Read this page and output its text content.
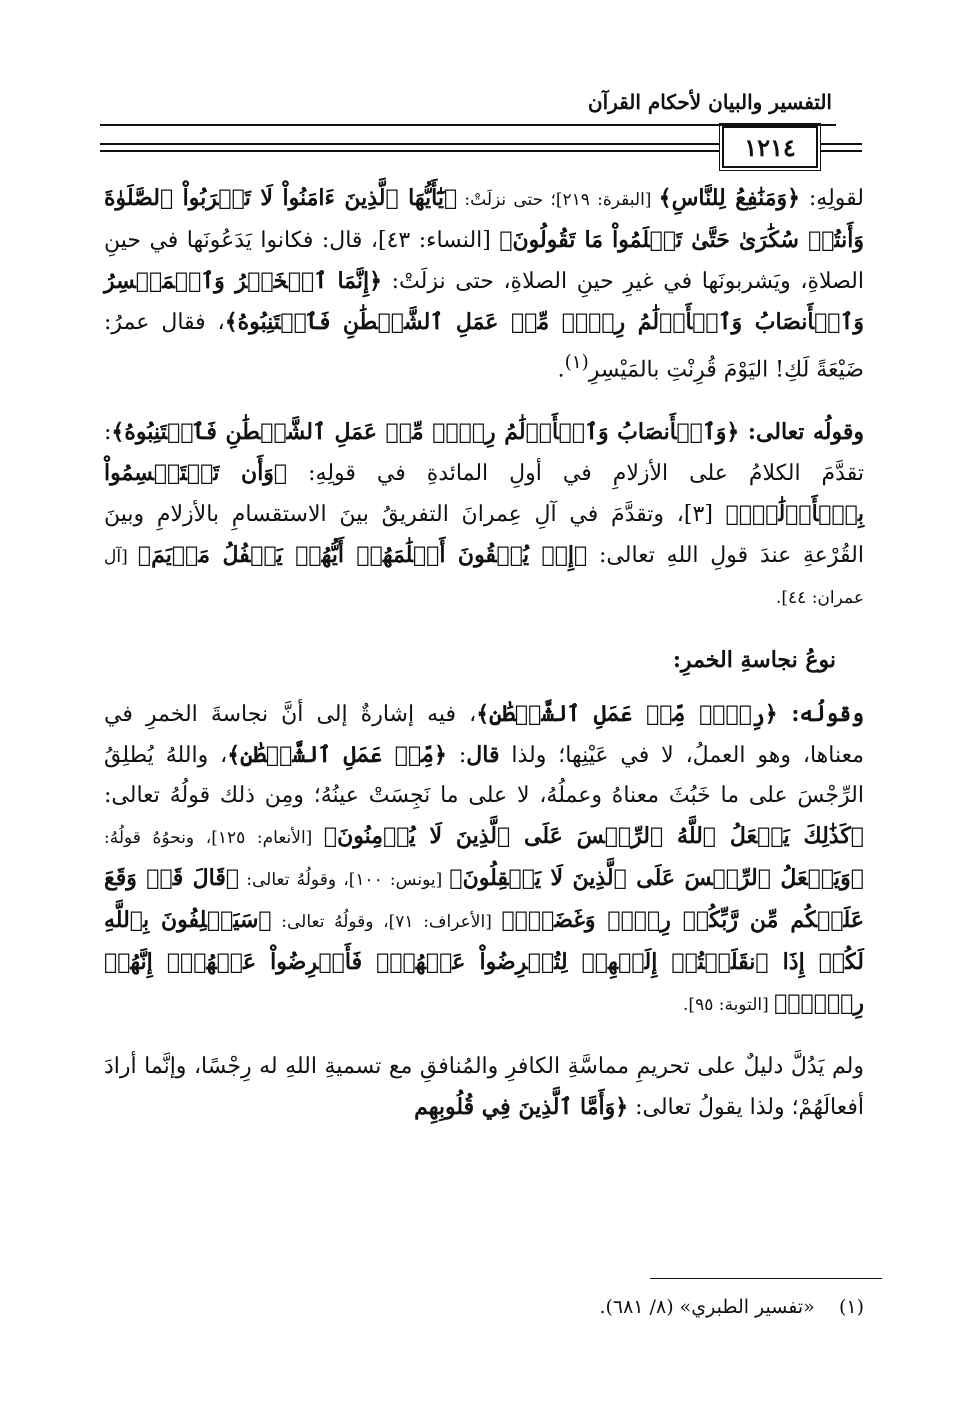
التفسير والبيان لأحكام القرآن
١٢١٤

لقولِهِ: ﴿وَمَنَٰفِعُ لِلنَّاسِ﴾ [البقرة: ٢١٩]؛ حتى نزلَتْ: ﴿يَٰٓأَيُّهَا ٱلَّذِينَ ءَامَنُواْ لَا تَقۡرَبُواْ ٱلصَّلَوٰةَ وَأَنتُمۡ سُكَٰرَىٰ حَتَّىٰ تَعۡلَمُواْ مَا تَقُولُونَ﴾ [النساء: ٤٣]، قال: فكانوا يَدَعُونَها في حينِ الصلاةِ، ويَشربونَها في غيرِ حينِ الصلاةِ، حتى نزلَتْ: ﴿إِنَّمَا ٱلۡخَمۡرُ وَٱلۡمَيۡسِرُ وَٱلۡأَنصَابُ وَٱلۡأَزۡلَٰمُ رِجۡسٞ مِّنۡ عَمَلِ ٱلشَّيۡطَٰنِ فَٱجۡتَنِبُوهُ﴾، فقال عمرُ: ضَيْعَةً لَكِ! اليَوْمَ قُرِنْتِ بالمَيْسِرِ$^{(١)}$.

وقولُه تعالى: ﴿وَٱلۡأَنصَابُ وَٱلۡأَزۡلَٰمُ رِجۡسٞ مِّنۡ عَمَلِ ٱلشَّيۡطَٰنِ فَٱجۡتَنِبُوهُ﴾: تقدَّمَ الكلامُ على الأزلامِ في أولِ المائدةِ في قولِهِ: ﴿وَأَن تَسۡتَقۡسِمُواْ بِٱلۡأَزۡلَٰمِۚ﴾ [٣]، وتقدَّمَ في آلِ عِمرانَ التفريقُ بينَ الاستقسامِ بالأزلامِ وبينَ القُرْعةِ عندَ قولِ اللهِ تعالى: ﴿إِذۡ يُلۡقُونَ أَقۡلَٰمَهُمۡ أَيُّهُمۡ يَكۡفُلُ مَرۡيَمَ﴾ [آل عمران: ٤٤].

نوعُ نجاسةِ الخمرِ:

وقولُه: ﴿رِجۡسٞ مِّنۡ عَمَلِ ٱلشَّيۡطَٰنِ﴾، فيه إشارةٌ إلى أنَّ نجاسةَ الخمرِ في معناها، وهو العملُ، لا في عَيْنِها؛ ولذا قال: ﴿مِّنۡ عَمَلِ ٱلشَّيۡطَٰنِ﴾، واللهُ يُطلِقُ الرِّجْسَ على ما خَبُثَ معناهُ وعملُهُ، لا على ما نَجِسَتْ عينُهُ؛ ومِن ذلك قولُهُ تعالى: ﴿كَذَٰلِكَ يَجۡعَلُ ٱللَّهُ ٱلرِّجۡسَ عَلَى ٱلَّذِينَ لَا يُؤۡمِنُونَ﴾ [الأنعام: ١٢٥]، ونحوُهُ قولُهُ: ﴿وَيَجۡعَلُ ٱلرِّجۡسَ عَلَى ٱلَّذِينَ لَا يَعۡقِلُونَ﴾ [يونس: ١٠٠]، وقولُهُ تعالى: ﴿قَالَ قَدۡ وَقَعَ عَلَيۡكُم مِّن رَّبِّكُمۡ رِجۡسٞ وَغَضَبٌۖ﴾ [الأعراف: ٧١]، وقولُهُ تعالى: ﴿سَيَحۡلِفُونَ بِٱللَّهِ لَكُمۡ إِذَا ٱنقَلَبۡتُمۡ إِلَيۡهِمۡ لِتُعۡرِضُواْ عَنۡهُمۡۖ فَأَعۡرِضُواْ عَنۡهُمۡۖ إِنَّهُمۡ رِجۡسٞۖ﴾ [التوبة: ٩٥].

ولم يَدُلَّ دليلٌ على تحريمِ مماسَّةِ الكافرِ والمُنافقِ مع تسميةِ اللهِ له رِجْسًا، وإنَّما أرادَ أفعالَهُمْ؛ ولذا يقولُ تعالى: ﴿وَأَمَّا ٱلَّذِينَ فِي قُلُوبِهِم

(١)    «تفسير الطبري» (٨/ ٦٨١).
